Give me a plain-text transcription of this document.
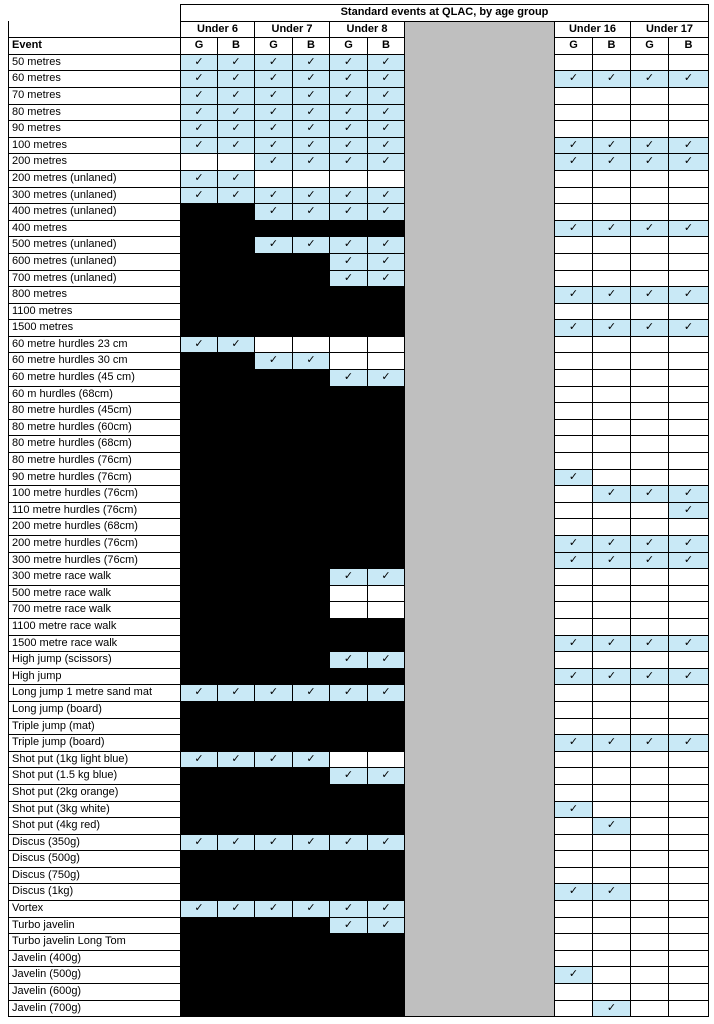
	Standard events at QLAC, by age group										
	Under 6		Under 7		Under 8			Under 16		Under 17	
Event	G	B	G	B	G	B		G	B	G	B
50 metres	✓	✓	✓	✓	✓	✓					
60 metres	✓	✓	✓	✓	✓	✓		✓	✓	✓	✓
70 metres	✓	✓	✓	✓	✓	✓					
80 metres	✓	✓	✓	✓	✓	✓					
90 metres	✓	✓	✓	✓	✓	✓					
100 metres	✓	✓	✓	✓	✓	✓		✓	✓	✓	✓
200 metres			✓	✓	✓	✓		✓	✓	✓	✓
200 metres (unlaned)	✓	✓									
300 metres (unlaned)	✓	✓	✓	✓	✓	✓					
400 metres (unlaned)			✓	✓	✓	✓					
400 metres								✓	✓	✓	✓
500 metres (unlaned)			✓	✓	✓	✓					
600 metres (unlaned)					✓	✓					
700 metres (unlaned)					✓	✓					
800 metres								✓	✓	✓	✓
1100 metres											
1500 metres								✓	✓	✓	✓
60 metre hurdles 23 cm	✓	✓									
60 metre hurdles 30 cm			✓	✓							
60 metre hurdles (45 cm)					✓	✓					
60 m hurdles (68cm)											
80 metre hurdles (45cm)											
80 metre hurdles (60cm)											
80 metre hurdles (68cm)											
80 metre hurdles (76cm)											
90 metre hurdles (76cm)								✓			
100 metre hurdles (76cm)									✓	✓	✓
110 metre hurdles (76cm)											✓
200 metre hurdles (68cm)											
200 metre hurdles (76cm)								✓	✓	✓	✓
300 metre hurdles (76cm)								✓	✓	✓	✓
300 metre race walk					✓	✓					
500 metre race walk											
700 metre race walk											
1100 metre race walk											
1500 metre race walk								✓	✓	✓	✓
High jump (scissors)					✓	✓					
High jump								✓	✓	✓	✓
Long jump 1 metre sand mat	✓	✓	✓	✓	✓	✓					
Long jump (board)											
Triple jump (mat)											
Triple jump (board)								✓	✓	✓	✓
Shot put (1kg light blue)	✓	✓	✓	✓							
Shot put (1.5 kg blue)					✓	✓					
Shot put (2kg orange)											
Shot put (3kg white)								✓			
Shot put (4kg red)									✓		
Discus (350g)	✓	✓	✓	✓	✓	✓					
Discus (500g)											
Discus (750g)											
Discus (1kg)								✓	✓		
Vortex	✓	✓	✓	✓	✓	✓					
Turbo javelin					✓	✓					
Turbo javelin Long Tom											
Javelin (400g)											
Javelin (500g)								✓			
Javelin (600g)											
Javelin (700g)									✓		
